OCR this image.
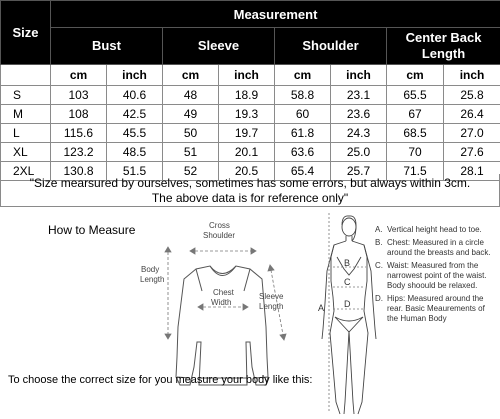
Size	Measurement							
	Bust		Sleeve		Shoulder		Center Back Length	
	cm	inch	cm	inch	cm	inch	cm	inch
S	103	40.6	48	18.9	58.8	23.1	65.5	25.8
M	108	42.5	49	19.3	60	23.6	67	26.4
L	115.6	45.5	50	19.7	61.8	24.3	68.5	27.0
XL	123.2	48.5	51	20.1	63.6	25.0	70	27.6
2XL	130.8	51.5	52	20.5	65.4	25.7	71.5	28.1
"Size mearsured by ourselves, sometimes has some errors, but always within 3cm.
The above data is for reference only"
How to Measure	Cross
Shoulder
Body
Length
Chest
Width
Sleeve
Length	A
B
C
D
To choose the correct size for you measure your body like this:
A. Vertical height head to toe.
B. Chest: Measured in a circle around the breasts and back.
C. Waist: Measured from the narrowest point of the waist. Body shoould be relaxed.
D. Hips: Measured around the rear. Basic Meaurements of the Human Body
